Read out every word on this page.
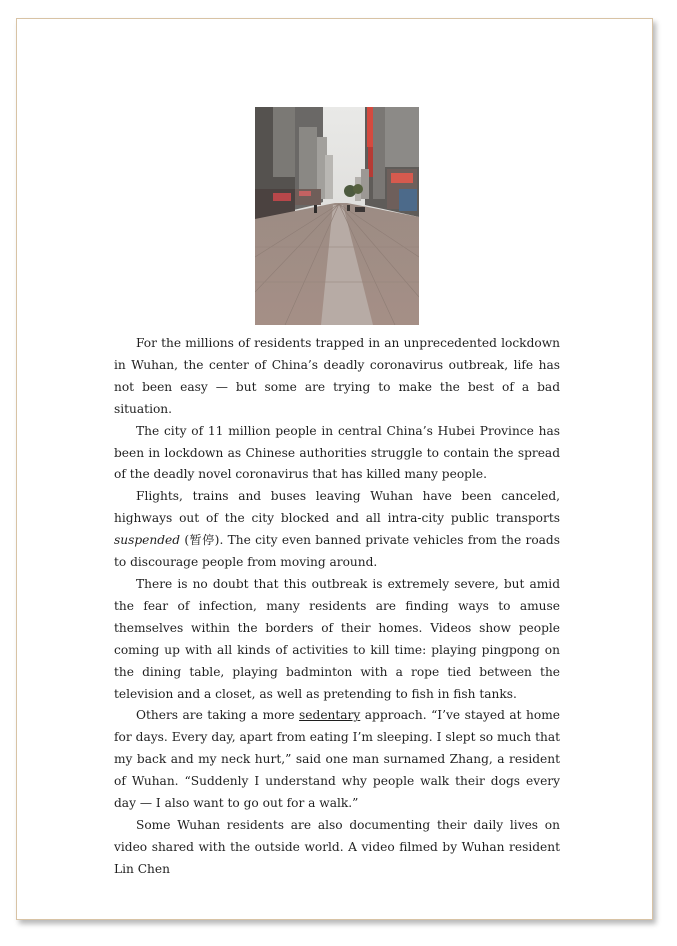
For the millions of residents trapped in an unprecedented lockdown in Wuhan, the center of China’s deadly coronavirus outbreak, life has not been easy — but some are trying to make the best of a bad situation.

The city of 11 million people in central China’s Hubei Province has been in lockdown as Chinese authorities struggle to contain the spread of the deadly novel coronavirus that has killed many people.

Flights, trains and buses leaving Wuhan have been canceled, highways out of the city blocked and all intra-city public transports suspended (暂停). The city even banned private vehicles from the roads to discourage people from moving around.

There is no doubt that this outbreak is extremely severe, but amid the fear of infection, many residents are finding ways to amuse themselves within the borders of their homes. Videos show people coming up with all kinds of activities to kill time: playing pingpong on the dining table, playing badminton with a rope tied between the television and a closet, as well as pretending to fish in fish tanks.

Others are taking a more sedentary approach. “I’ve stayed at home for days. Every day, apart from eating I’m sleeping. I slept so much that my back and my neck hurt,” said one man surnamed Zhang, a resident of Wuhan. “Suddenly I understand why people walk their dogs every day — I also want to go out for a walk.”

Some Wuhan residents are also documenting their daily lives on video shared with the outside world. A video filmed by Wuhan resident Lin Chen
